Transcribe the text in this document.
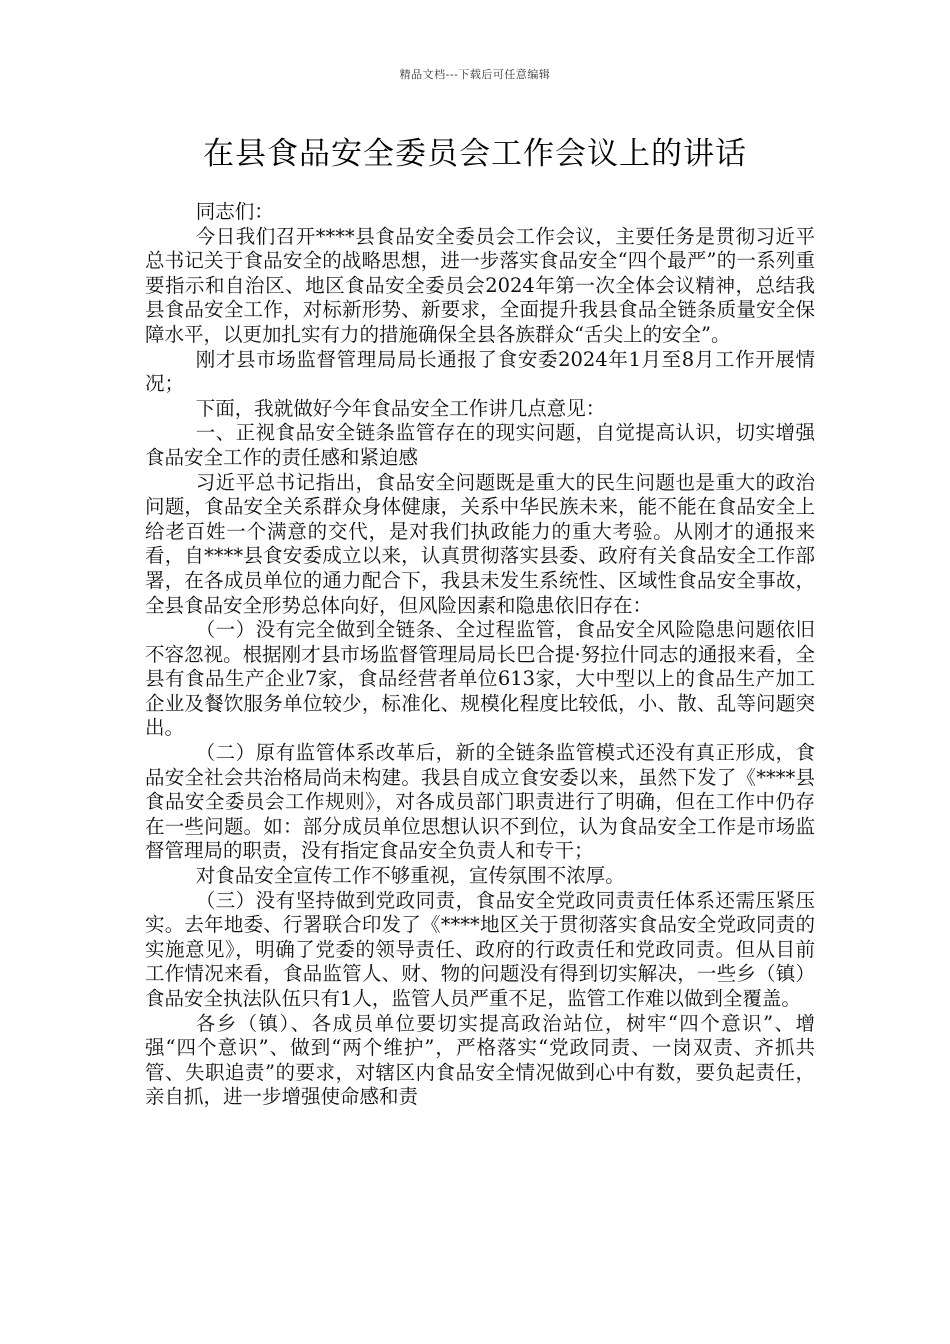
精品文档---下载后可任意编辑
在县食品安全委员会工作会议上的讲话

同志们：

今日我们召开****县食品安全委员会工作会议，主要任务是贯彻习近平总书记关于食品安全的战略思想，进一步落实食品安全“四个最严”的一系列重要指示和自治区、地区食品安全委员会2024年第一次全体会议精神，总结我县食品安全工作，对标新形势、新要求，全面提升我县食品全链条质量安全保障水平，以更加扎实有力的措施确保全县各族群众“舌尖上的安全”。

刚才县市场监督管理局局长通报了食安委2024年1月至8月工作开展情况；

下面，我就做好今年食品安全工作讲几点意见：

一、正视食品安全链条监管存在的现实问题，自觉提高认识，切实增强食品安全工作的责任感和紧迫感

习近平总书记指出，食品安全问题既是重大的民生问题也是重大的政治问题，食品安全关系群众身体健康，关系中华民族未来，能不能在食品安全上给老百姓一个满意的交代，是对我们执政能力的重大考验。从刚才的通报来看，自****县食安委成立以来，认真贯彻落实县委、政府有关食品安全工作部署，在各成员单位的通力配合下，我县未发生系统性、区域性食品安全事故，全县食品安全形势总体向好，但风险因素和隐患依旧存在：

（一）没有完全做到全链条、全过程监管，食品安全风险隐患问题依旧不容忽视。根据刚才县市场监督管理局局长巴合提·努拉什同志的通报来看，全县有食品生产企业7家，食品经营者单位613家，大中型以上的食品生产加工企业及餐饮服务单位较少，标准化、规模化程度比较低，小、散、乱等问题突出。

（二）原有监管体系改革后，新的全链条监管模式还没有真正形成，食品安全社会共治格局尚未构建。我县自成立食安委以来，虽然下发了《****县食品安全委员会工作规则》，对各成员部门职责进行了明确，但在工作中仍存在一些问题。如：部分成员单位思想认识不到位，认为食品安全工作是市场监督管理局的职责，没有指定食品安全负责人和专干；

对食品安全宣传工作不够重视，宣传氛围不浓厚。

（三）没有坚持做到党政同责，食品安全党政同责责任体系还需压紧压实。去年地委、行署联合印发了《****地区关于贯彻落实食品安全党政同责的实施意见》，明确了党委的领导责任、政府的行政责任和党政同责。但从目前工作情况来看，食品监管人、财、物的问题没有得到切实解决，一些乡（镇）食品安全执法队伍只有1人，监管人员严重不足，监管工作难以做到全覆盖。

各乡（镇）、各成员单位要切实提高政治站位，树牢“四个意识”、增强“四个意识”、做到“两个维护”，严格落实“党政同责、一岗双责、齐抓共管、失职追责”的要求，对辖区内食品安全情况做到心中有数，要负起责任，亲自抓，进一步增强使命感和责
